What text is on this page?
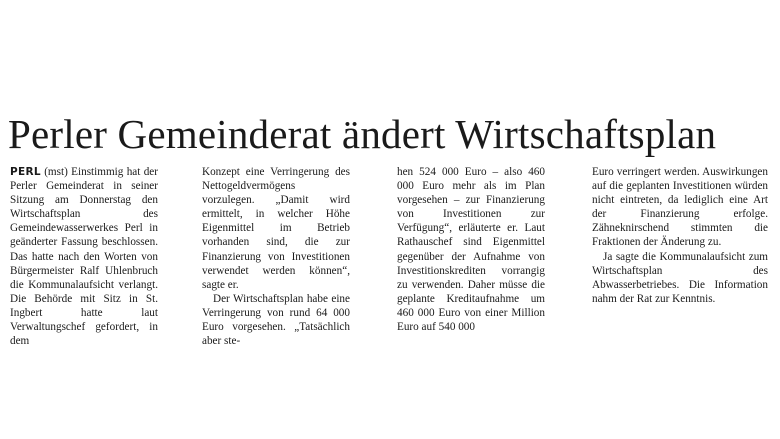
Perler Gemeinderat ändert Wirtschaftsplan

PERL (mst) Einstimmig hat der Perler Gemeinderat in seiner Sitzung am Donnerstag den Wirtschaftsplan des Gemeindewasserwerkes Perl in geänderter Fassung beschlossen. Das hatte nach den Worten von Bürgermeister Ralf Uhlenbruch die Kommunalaufsicht verlangt. Die Behörde mit Sitz in St. Ingbert hatte laut Verwaltungschef gefordert, in dem

Konzept eine Verringerung des Nettogeldvermögens vorzulegen. „Damit wird ermittelt, in welcher Höhe Eigenmittel im Betrieb vorhanden sind, die zur Finanzierung von Investitionen verwendet werden können“, sagte er.

Der Wirtschaftsplan habe eine Verringerung von rund 64 000 Euro vorgesehen. „Tatsächlich aber ste-

hen 524 000 Euro – also 460 000 Euro mehr als im Plan vorgesehen – zur Finanzierung von Investitionen zur Verfügung“, erläuterte er. Laut Rathauschef sind Eigenmittel gegenüber der Aufnahme von Investitionskrediten vorrangig zu verwenden. Daher müsse die geplante Kreditaufnahme um 460 000 Euro von einer Million Euro auf 540 000

Euro verringert werden. Auswirkungen auf die geplanten Investitionen würden nicht eintreten, da lediglich eine Art der Finanzierung erfolge. Zähneknirschend stimmten die Fraktionen der Änderung zu.

Ja sagte die Kommunalaufsicht zum Wirtschaftsplan des Abwasserbetriebes. Die Information nahm der Rat zur Kenntnis.
